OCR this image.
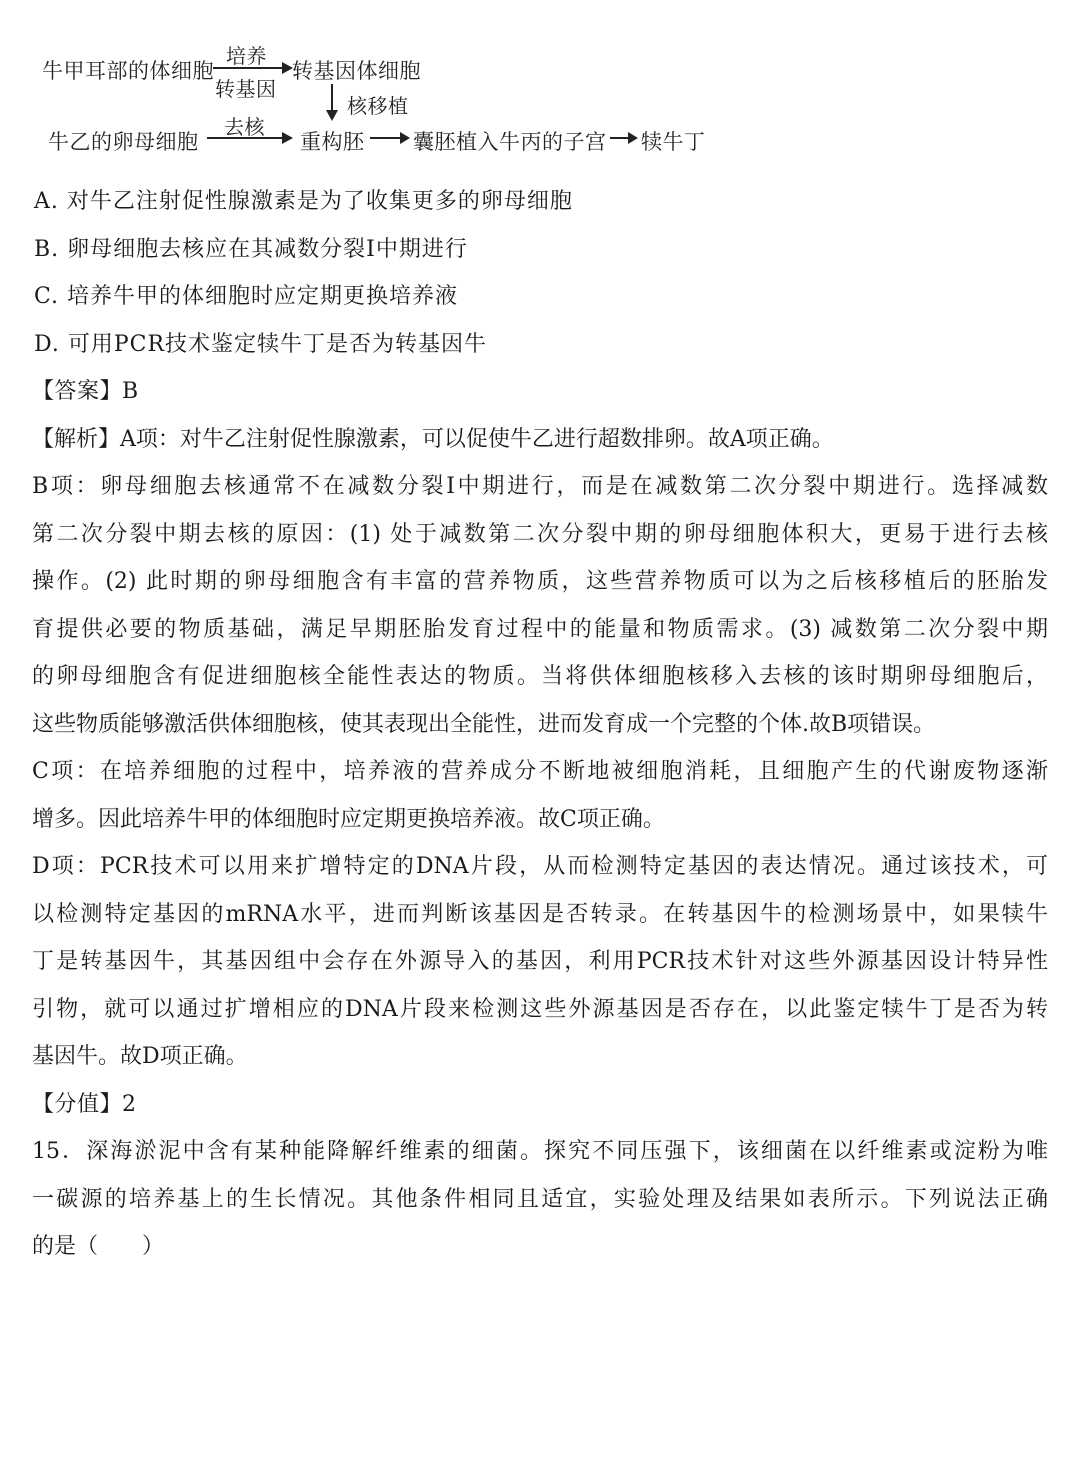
牛甲耳部的体细胞
培养
转基因
转基因体细胞
核移植
牛乙的卵母细胞
去核
重构胚 囊胚植入牛丙的子宫 犊牛丁
A. 对牛乙注射促性腺激素是为了收集更多的卵母细胞
B. 卵母细胞去核应在其减数分裂Ⅰ中期进行
C. 培养牛甲的体细胞时应定期更换培养液
D. 可用PCR技术鉴定犊牛丁是否为转基因牛
【答案】B
【解析】A项：对牛乙注射促性腺激素，可以促使牛乙进行超数排卵。故A项正确。
B项：卵母细胞去核通常不在减数分裂Ⅰ中期进行，而是在减数第二次分裂中期进行。选择减数
第二次分裂中期去核的原因：(1) 处于减数第二次分裂中期的卵母细胞体积大，更易于进行去核
操作。(2) 此时期的卵母细胞含有丰富的营养物质，这些营养物质可以为之后核移植后的胚胎发
育提供必要的物质基础，满足早期胚胎发育过程中的能量和物质需求。(3) 减数第二次分裂中期
的卵母细胞含有促进细胞核全能性表达的物质。当将供体细胞核移入去核的该时期卵母细胞后，
这些物质能够激活供体细胞核，使其表现出全能性，进而发育成一个完整的个体.故B项错误。
C项：在培养细胞的过程中，培养液的营养成分不断地被细胞消耗，且细胞产生的代谢废物逐渐
增多。因此培养牛甲的体细胞时应定期更换培养液。故C项正确。
D项：PCR技术可以用来扩增特定的DNA片段，从而检测特定基因的表达情况。通过该技术，可
以检测特定基因的mRNA水平，进而判断该基因是否转录。在转基因牛的检测场景中，如果犊牛
丁是转基因牛，其基因组中会存在外源导入的基因，利用PCR技术针对这些外源基因设计特异性
引物，就可以通过扩增相应的DNA片段来检测这些外源基因是否存在，以此鉴定犊牛丁是否为转
基因牛。故D项正确。
【分值】2
15．深海淤泥中含有某种能降解纤维素的细菌。探究不同压强下，该细菌在以纤维素或淀粉为唯
一碳源的培养基上的生长情况。其他条件相同且适宜，实验处理及结果如表所示。下列说法正确
的是（　　）
